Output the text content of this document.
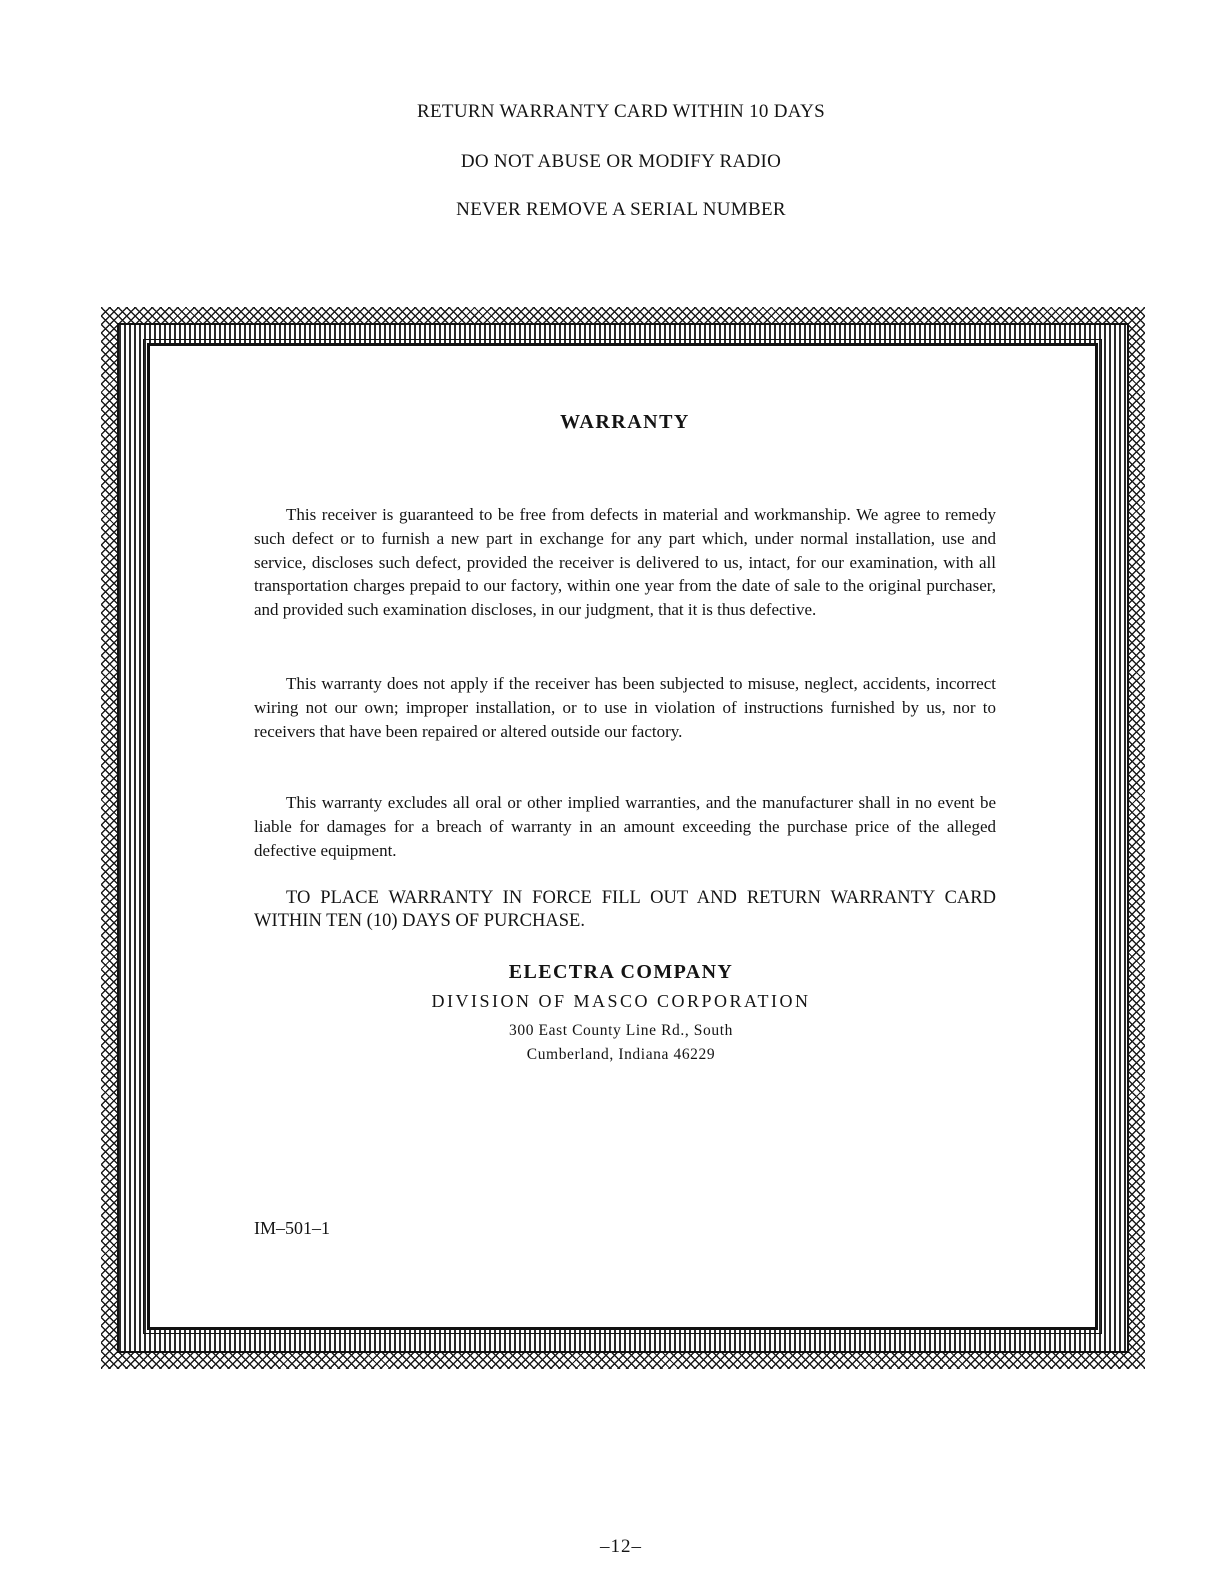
RETURN WARRANTY CARD WITHIN 10 DAYS
DO NOT ABUSE OR MODIFY RADIO
NEVER REMOVE A SERIAL NUMBER
WARRANTY

This receiver is guaranteed to be free from defects in material and workmanship. We agree to remedy such defect or to furnish a new part in exchange for any part which, under normal installation, use and service, discloses such defect, provided the receiver is delivered to us, intact, for our examination, with all transportation charges prepaid to our factory, within one year from the date of sale to the original purchaser, and provided such examination discloses, in our judgment, that it is thus defective.

This warranty does not apply if the receiver has been subjected to misuse, neglect, accidents, incorrect wiring not our own; improper installation, or to use in violation of instructions furnished by us, nor to receivers that have been repaired or altered outside our factory.

This warranty excludes all oral or other implied warranties, and the manufacturer shall in no event be liable for damages for a breach of warranty in an amount exceeding the purchase price of the alleged defective equipment.

TO PLACE WARRANTY IN FORCE FILL OUT AND RETURN WARRANTY CARD WITHIN TEN (10) DAYS OF PURCHASE.

ELECTRA COMPANY
DIVISION OF MASCO CORPORATION
300 East County Line Rd., South
Cumberland, Indiana 46229
IM–501–1
–12–
